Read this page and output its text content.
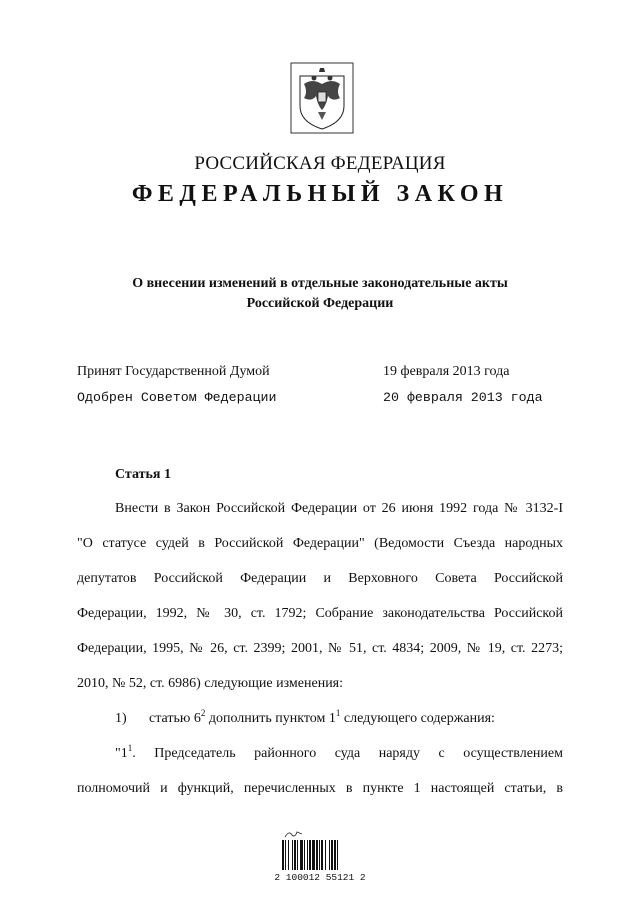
РОССИЙСКАЯ ФЕДЕРАЦИЯ
ФЕДЕРАЛЬНЫЙ ЗАКОН
О внесении изменений в отдельные законодательные акты
Российской Федерации
Принят Государственной Думой	19 февраля 2013 года
Одобрен Советом Федерации	20 февраля 2013 года
Статья 1
Внести в Закон Российской Федерации от 26 июня 1992 года № 3132-I
"О статусе судей в Российской Федерации" (Ведомости Съезда народных
депутатов Российской Федерации и Верховного Совета Российской
Федерации, 1992, № 30, ст. 1792; Собрание законодательства Российской
Федерации, 1995, № 26, ст. 2399; 2001, № 51, ст. 4834; 2009, № 19, ст. 2273;
2010, № 52, ст. 6986) следующие изменения:
1) статью $6^2$ дополнить пунктом $1^1$ следующего содержания:
"$1^1$. Председатель районного суда наряду с осуществлением
полномочий и функций, перечисленных в пункте 1 настоящей статьи, в
2 100012 55121 2
